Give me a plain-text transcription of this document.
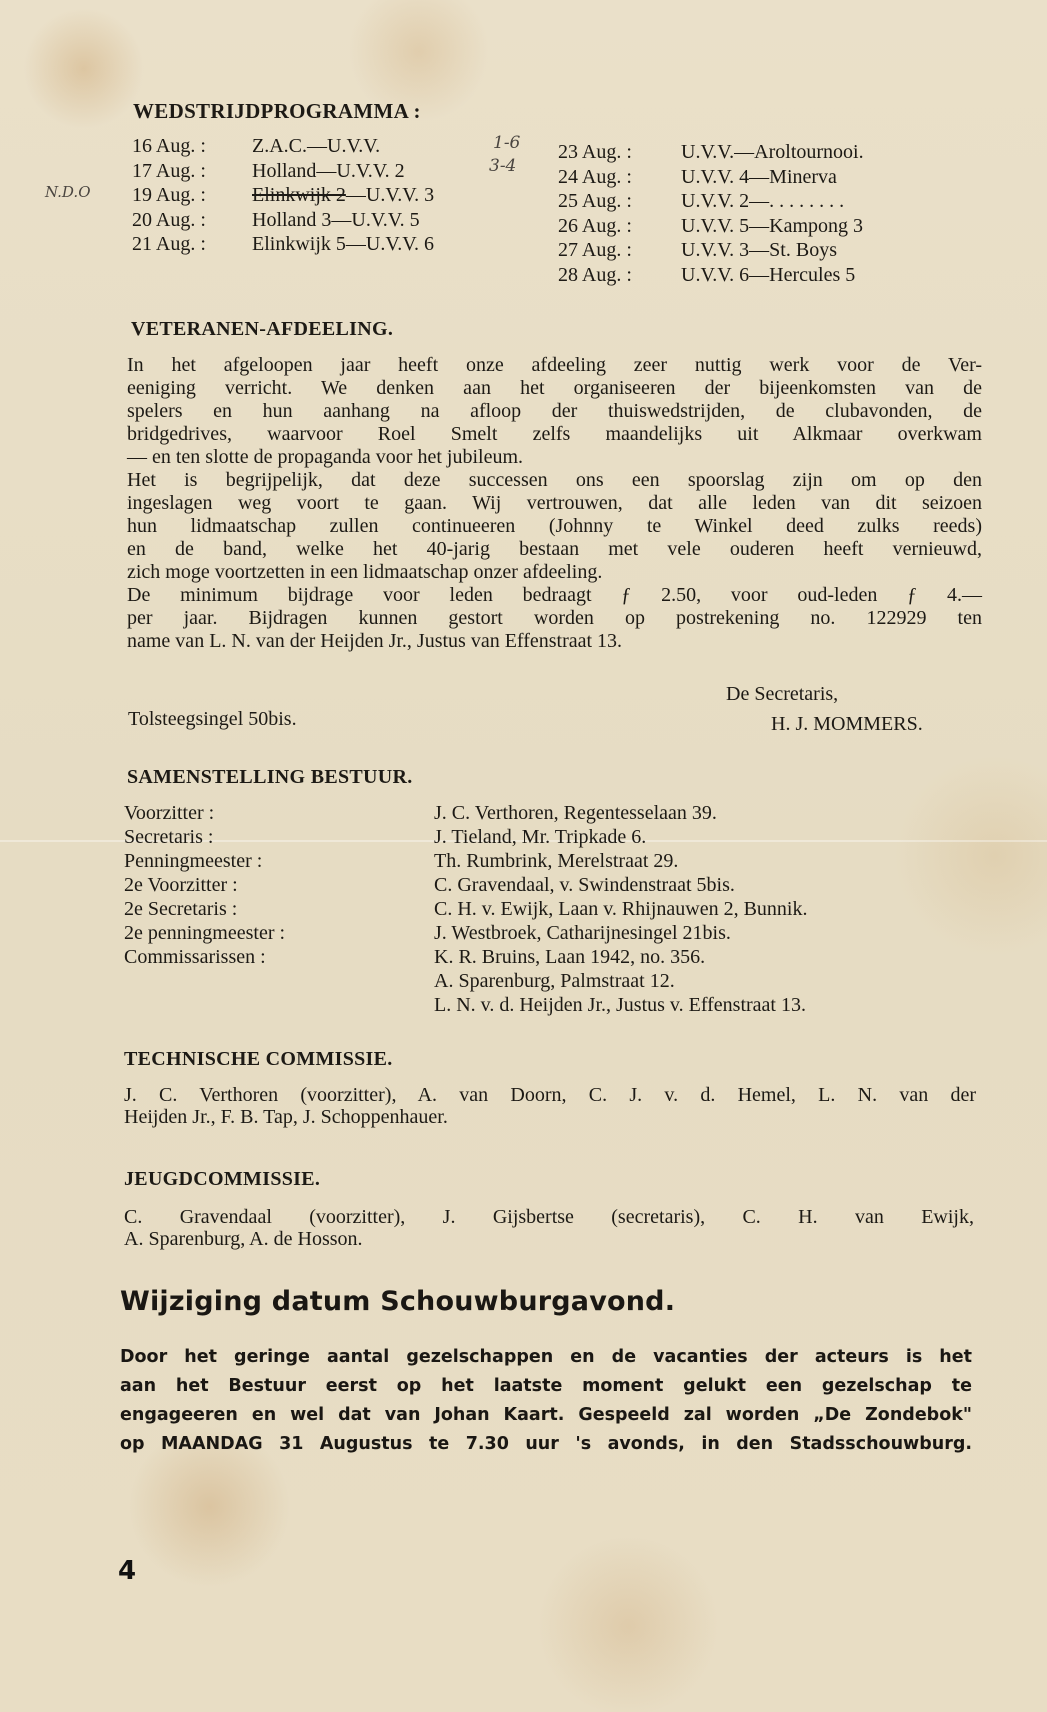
WEDSTRIJDPROGRAMMA :
16 Aug. : Z.A.C.—U.V.V.
17 Aug. : Holland—U.V.V. 2
19 Aug. : Elinkwijk 2—U.V.V. 3
20 Aug. : Holland 3—U.V.V. 5
21 Aug. : Elinkwijk 5—U.V.V. 6
1-6
3-4
N.D.O
23 Aug. : U.V.V.—Aroltournooi.
24 Aug. : U.V.V. 4—Minerva
25 Aug. : U.V.V. 2—. . . . . . . .
26 Aug. : U.V.V. 5—Kampong 3
27 Aug. : U.V.V. 3—St. Boys
28 Aug. : U.V.V. 6—Hercules 5
VETERANEN-AFDEELING.

In het afgeloopen jaar heeft onze afdeeling zeer nuttig werk voor de Ver-

eeniging verricht. We denken aan het organiseeren der bijeenkomsten van de

spelers en hun aanhang na afloop der thuiswedstrijden, de clubavonden, de

bridgedrives, waarvoor Roel Smelt zelfs maandelijks uit Alkmaar overkwam

— en ten slotte de propaganda voor het jubileum.

Het is begrijpelijk, dat deze successen ons een spoorslag zijn om op den

ingeslagen weg voort te gaan. Wij vertrouwen, dat alle leden van dit seizoen

hun lidmaatschap zullen continueeren (Johnny te Winkel deed zulks reeds)

en de band, welke het 40-jarig bestaan met vele ouderen heeft vernieuwd,

zich moge voortzetten in een lidmaatschap onzer afdeeling.

De minimum bijdrage voor leden bedraagt ƒ 2.50, voor oud-leden ƒ 4.—

per jaar. Bijdragen kunnen gestort worden op postrekening no. 122929 ten

name van L. N. van der Heijden Jr., Justus van Effenstraat 13.

De Secretaris,
Tolsteegsingel 50bis.	H. J. MOMMERS.
SAMENSTELLING BESTUUR.
Voorzitter :	J. C. Verthoren, Regentesselaan 39.
Secretaris :	J. Tieland, Mr. Tripkade 6.
Penningmeester :	Th. Rumbrink, Merelstraat 29.
2e Voorzitter :	C. Gravendaal, v. Swindenstraat 5bis.
2e Secretaris :	C. H. v. Ewijk, Laan v. Rhijnauwen 2, Bunnik.
2e penningmeester :	J. Westbroek, Catharijnesingel 21bis.
Commissarissen :	K. R. Bruins, Laan 1942, no. 356.
A. Sparenburg, Palmstraat 12.
L. N. v. d. Heijden Jr., Justus v. Effenstraat 13.
TECHNISCHE COMMISSIE.

J. C. Verthoren (voorzitter), A. van Doorn, C. J. v. d. Hemel, L. N. van der

Heijden Jr., F. B. Tap, J. Schoppenhauer.

JEUGDCOMMISSIE.

C. Gravendaal (voorzitter), J. Gijsbertse (secretaris), C. H. van Ewijk,

A. Sparenburg, A. de Hosson.

Wijziging datum Schouwburgavond.

Door het geringe aantal gezelschappen en de vacanties der acteurs is het

aan het Bestuur eerst op het laatste moment gelukt een gezelschap te

engageeren en wel dat van Johan Kaart. Gespeeld zal worden „De Zondebok"

op MAANDAG 31 Augustus te 7.30 uur 's avonds, in den Stadsschouwburg.

4
